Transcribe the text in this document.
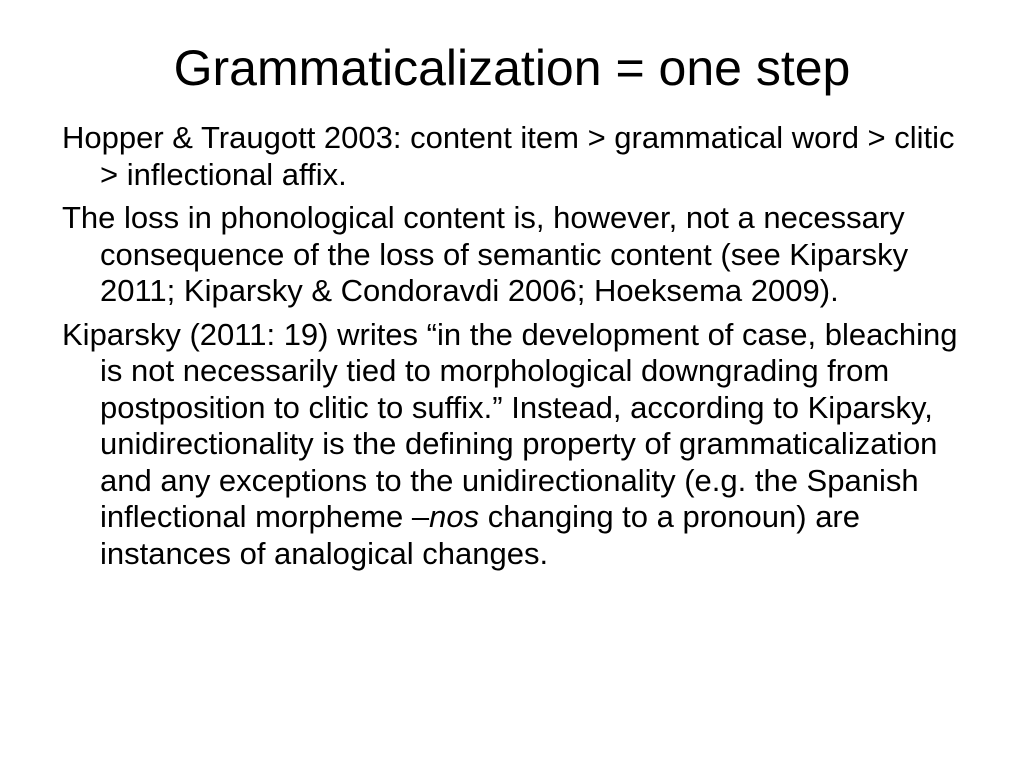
Grammaticalization = one step

Hopper & Traugott 2003: content item > grammatical word > clitic > inflectional affix.

The loss in phonological content is, however, not a necessary consequence of the loss of semantic content (see Kiparsky 2011; Kiparsky & Condoravdi 2006; Hoeksema 2009).

Kiparsky (2011: 19) writes “in the development of case, bleaching is not necessarily tied to morphological downgrading from postposition to clitic to suffix.” Instead, according to Kiparsky, unidirectionality is the defining property of grammaticalization and any exceptions to the unidirectionality (e.g. the Spanish inflectional morpheme –nos changing to a pronoun) are instances of analogical changes.
